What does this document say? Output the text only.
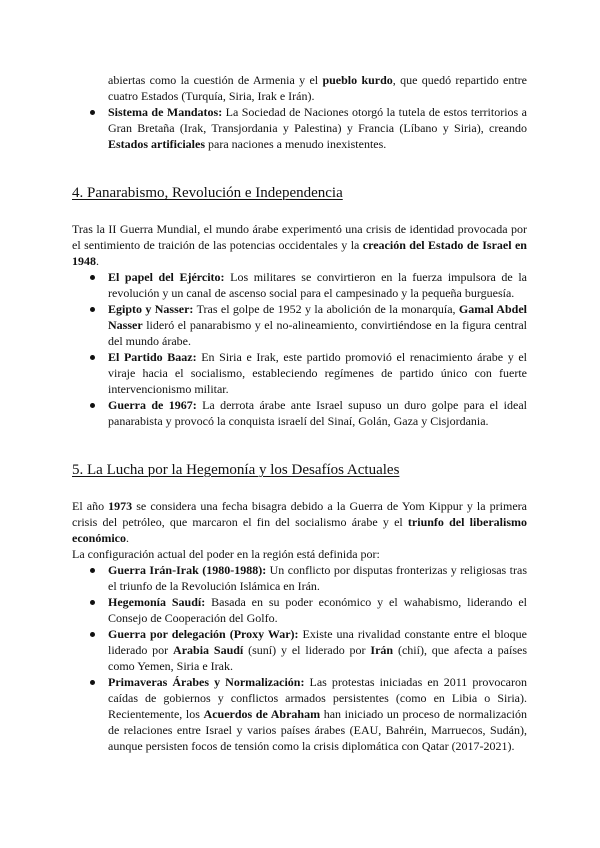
abiertas como la cuestión de Armenia y el pueblo kurdo, que quedó repartido entre cuatro Estados (Turquía, Siria, Irak e Irán).
Sistema de Mandatos: La Sociedad de Naciones otorgó la tutela de estos territorios a Gran Bretaña (Irak, Transjordania y Palestina) y Francia (Líbano y Siria), creando Estados artificiales para naciones a menudo inexistentes.
4. Panarabismo, Revolución e Independencia

Tras la II Guerra Mundial, el mundo árabe experimentó una crisis de identidad provocada por el sentimiento de traición de las potencias occidentales y la creación del Estado de Israel en 1948.

El papel del Ejército: Los militares se convirtieron en la fuerza impulsora de la revolución y un canal de ascenso social para el campesinado y la pequeña burguesía.
Egipto y Nasser: Tras el golpe de 1952 y la abolición de la monarquía, Gamal Abdel Nasser lideró el panarabismo y el no-alineamiento, convirtiéndose en la figura central del mundo árabe.
El Partido Baaz: En Siria e Irak, este partido promovió el renacimiento árabe y el viraje hacia el socialismo, estableciendo regímenes de partido único con fuerte intervencionismo militar.
Guerra de 1967: La derrota árabe ante Israel supuso un duro golpe para el ideal panarabista y provocó la conquista israelí del Sinaí, Golán, Gaza y Cisjordania.
5. La Lucha por la Hegemonía y los Desafíos Actuales

El año 1973 se considera una fecha bisagra debido a la Guerra de Yom Kippur y la primera crisis del petróleo, que marcaron el fin del socialismo árabe y el triunfo del liberalismo económico.

La configuración actual del poder en la región está definida por:

Guerra Irán-Irak (1980-1988): Un conflicto por disputas fronterizas y religiosas tras el triunfo de la Revolución Islámica en Irán.
Hegemonía Saudí: Basada en su poder económico y el wahabismo, liderando el Consejo de Cooperación del Golfo.
Guerra por delegación (Proxy War): Existe una rivalidad constante entre el bloque liderado por Arabia Saudí (suní) y el liderado por Irán (chií), que afecta a países como Yemen, Siria e Irak.
Primaveras Árabes y Normalización: Las protestas iniciadas en 2011 provocaron caídas de gobiernos y conflictos armados persistentes (como en Libia o Siria). Recientemente, los Acuerdos de Abraham han iniciado un proceso de normalización de relaciones entre Israel y varios países árabes (EAU, Bahréin, Marruecos, Sudán), aunque persisten focos de tensión como la crisis diplomática con Qatar (2017-2021).
